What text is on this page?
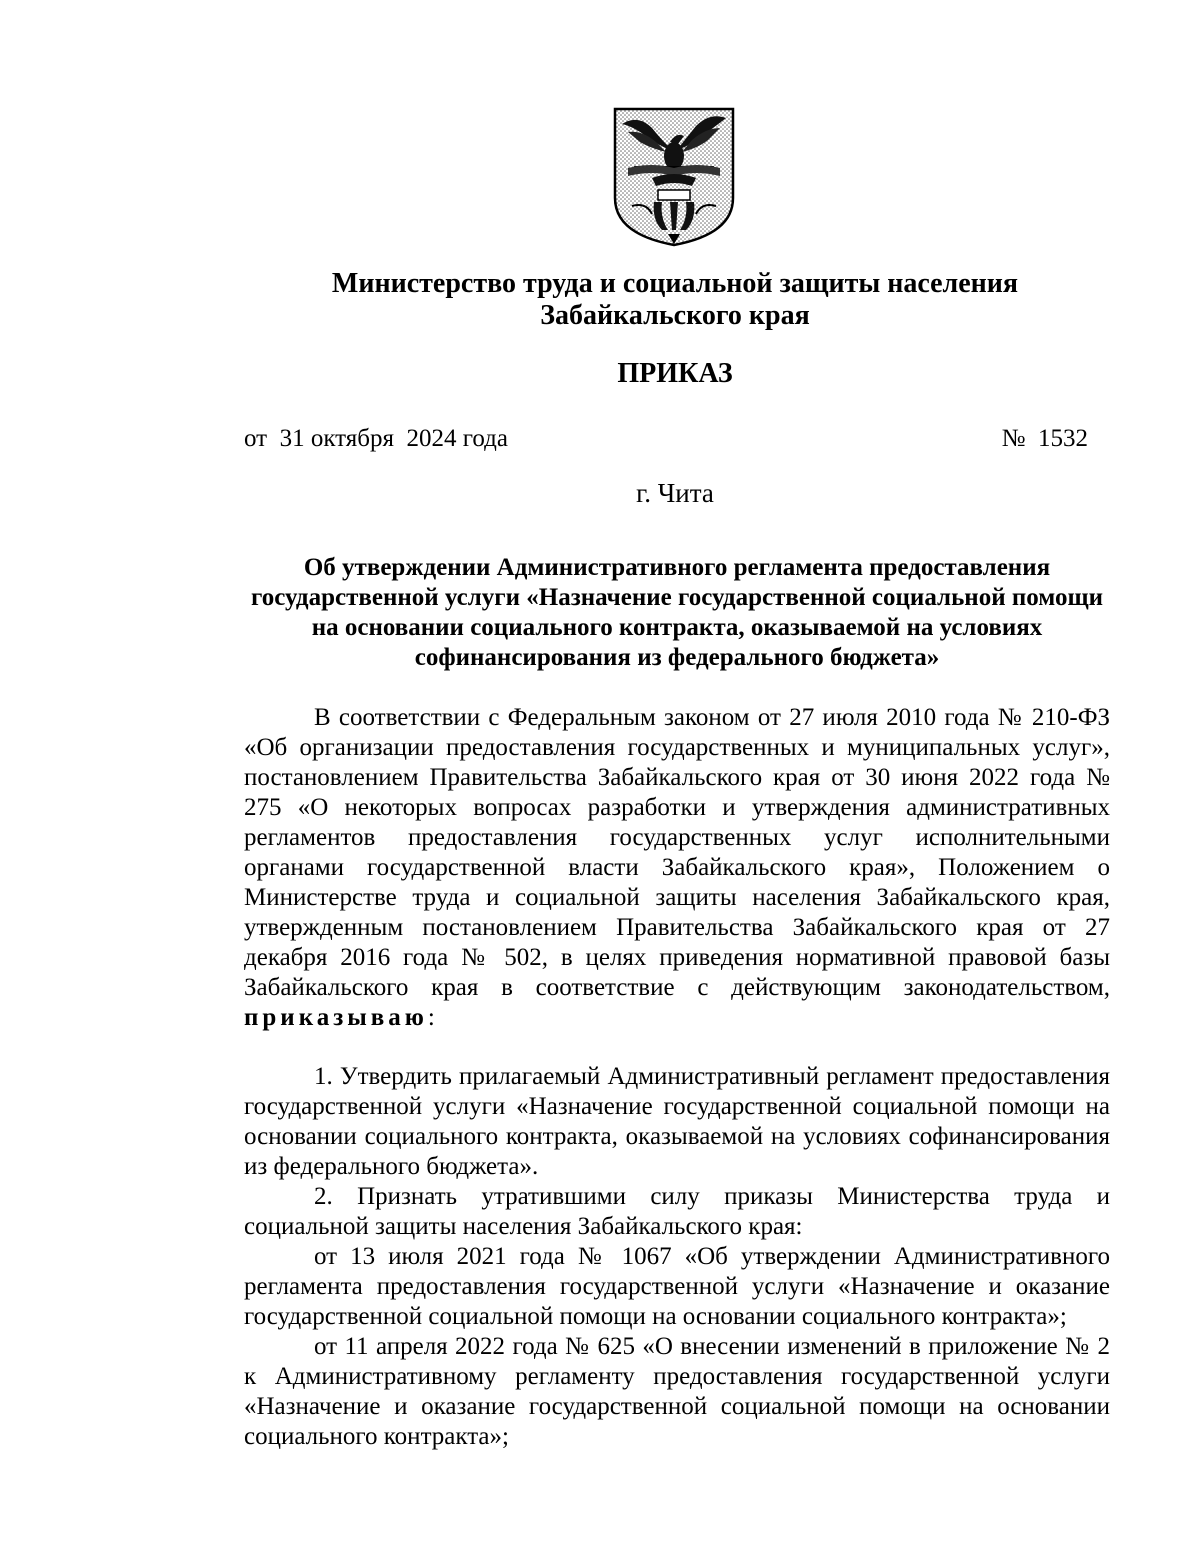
Министерство труда и социальной защиты населения
Забайкальского края
ПРИКАЗ
от  31 октября  2024 года	№  1532
г. Чита
Об утверждении Административного регламента предоставления государственной услуги «Назначение государственной социальной помощи на основании социального контракта, оказываемой на условиях софинансирования из федерального бюджета»

В соответствии с Федеральным законом от 27 июля 2010 года № 210-ФЗ «Об организации предоставления государственных и муниципальных услуг», постановлением Правительства Забайкальского края от 30 июня 2022 года № 275 «О некоторых вопросах разработки и утверждения административных регламентов предоставления государственных услуг исполнительными органами государственной власти Забайкальского края», Положением о Министерстве труда и социальной защиты населения Забайкальского края, утвержденным постановлением Правительства Забайкальского края от 27 декабря 2016 года № 502, в целях приведения нормативной правовой базы Забайкальского края в соответствие с действующим законодательством, приказываю:

1. Утвердить прилагаемый Административный регламент предоставления государственной услуги «Назначение государственной социальной помощи на основании социального контракта, оказываемой на условиях софинансирования из федерального бюджета».

2. Признать утратившими силу приказы Министерства труда и социальной защиты населения Забайкальского края:

от 13 июля 2021 года № 1067 «Об утверждении Административного регламента предоставления государственной услуги «Назначение и оказание государственной социальной помощи на основании социального контракта»;

от 11 апреля 2022 года № 625 «О внесении изменений в приложение № 2 к Административному регламенту предоставления государственной услуги «Назначение и оказание государственной социальной помощи на основании социального контракта»;
